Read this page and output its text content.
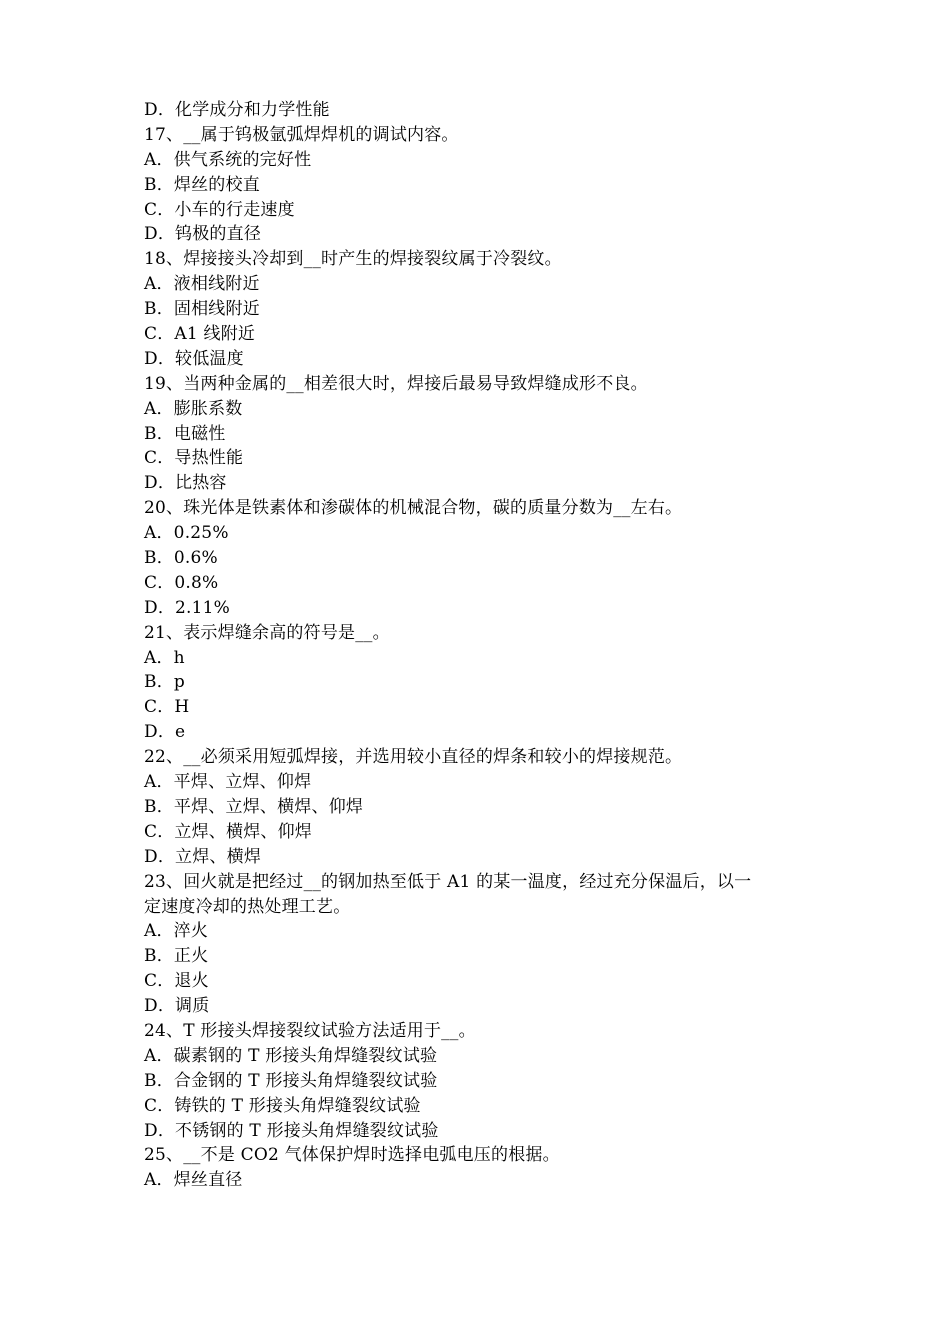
D．化学成分和力学性能
17、__属于钨极氩弧焊焊机的调试内容。
A．供气系统的完好性
B．焊丝的校直
C．小车的行走速度
D．钨极的直径
18、焊接接头冷却到__时产生的焊接裂纹属于冷裂纹。
A．液相线附近
B．固相线附近
C．A1 线附近
D．较低温度
19、当两种金属的__相差很大时，焊接后最易导致焊缝成形不良。
A．膨胀系数
B．电磁性
C．导热性能
D．比热容
20、珠光体是铁素体和渗碳体的机械混合物，碳的质量分数为__左右。
A．0.25%
B．0.6%
C．0.8%
D．2.11%
21、表示焊缝余高的符号是__。
A．h
B．p
C．H
D．e
22、__必须采用短弧焊接，并选用较小直径的焊条和较小的焊接规范。
A．平焊、立焊、仰焊
B．平焊、立焊、横焊、仰焊
C．立焊、横焊、仰焊
D．立焊、横焊
23、回火就是把经过__的钢加热至低于 A1 的某一温度，经过充分保温后，以一
定速度冷却的热处理工艺。
A．淬火
B．正火
C．退火
D．调质
24、T 形接头焊接裂纹试验方法适用于__。
A．碳素钢的 T 形接头角焊缝裂纹试验
B．合金钢的 T 形接头角焊缝裂纹试验
C．铸铁的 T 形接头角焊缝裂纹试验
D．不锈钢的 T 形接头角焊缝裂纹试验
25、__不是 CO2 气体保护焊时选择电弧电压的根据。
A．焊丝直径
